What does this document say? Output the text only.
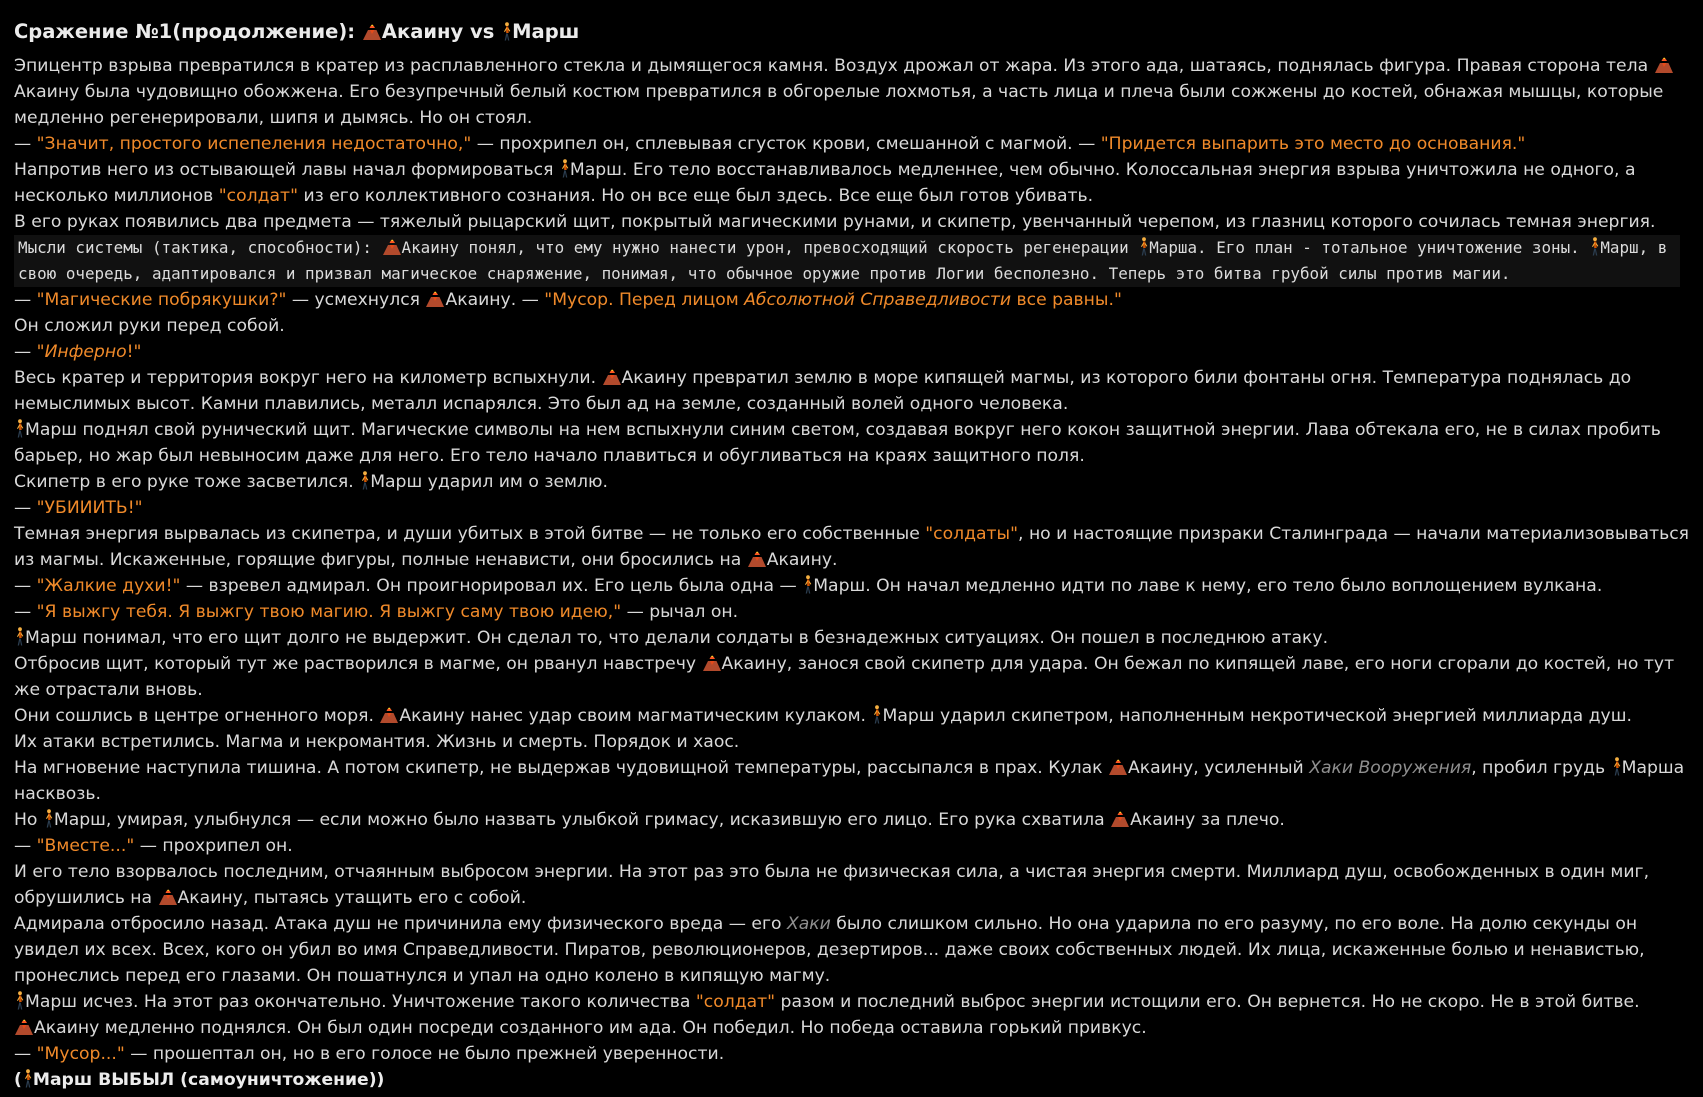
Сражение №1(продолжение):
Акаину vs
Марш

Эпицентр взрыва превратился в кратер из расплавленного стекла и дымящегося камня. Воздух дрожал от жара. Из этого ада, шатаясь, поднялась фигура. Правая сторона тела
Акаину была чудовищно обожжена. Его безупречный белый костюм превратился в обгорелые лохмотья, а часть лица и плеча были сожжены до костей, обнажая мышцы, которые медленно регенерировали, шипя и дымясь. Но он стоял.

— "Значит, простого испепеления недостаточно," — прохрипел он, сплевывая сгусток крови, смешанной с магмой. — "Придется выпарить это место до основания."

Напротив него из остывающей лавы начал формироваться
Марш. Его тело восстанавливалось медленнее, чем обычно. Колоссальная энергия взрыва уничтожила не одного, а несколько миллионов "солдат" из его коллективного сознания. Но он все еще был здесь. Все еще был готов убивать.

В его руках появились два предмета — тяжелый рыцарский щит, покрытый магическими рунами, и скипетр, увенчанный черепом, из глазниц которого сочилась темная энергия.

Мысли системы (тактика, способности):
Акаину понял, что ему нужно нанести урон, превосходящий скорость регенерации
Марша. Его план - тотальное уничтожение зоны.
Марш, в свою очередь, адаптировался и призвал магическое снаряжение, понимая, что обычное оружие против Логии бесполезно. Теперь это битва грубой силы против магии.

— "Магические побрякушки?" — усмехнулся
Акаину. — "Мусор. Перед лицом Абсолютной Справедливости все равны."

Он сложил руки перед собой.

— "Инферно!"

Весь кратер и территория вокруг него на километр вспыхнули.
Акаину превратил землю в море кипящей магмы, из которого били фонтаны огня. Температура поднялась до немыслимых высот. Камни плавились, металл испарялся. Это был ад на земле, созданный волей одного человека.

Марш поднял свой рунический щит. Магические символы на нем вспыхнули синим светом, создавая вокруг него кокон защитной энергии. Лава обтекала его, не в силах пробить барьер, но жар был невыносим даже для него. Его тело начало плавиться и обугливаться на краях защитного поля.

Скипетр в его руке тоже засветился.
Марш ударил им о землю.

— "УБИИИТЬ!"

Темная энергия вырвалась из скипетра, и души убитых в этой битве — не только его собственные "солдаты", но и настоящие призраки Сталинграда — начали материализовываться из магмы. Искаженные, горящие фигуры, полные ненависти, они бросились на
Акаину.

— "Жалкие духи!" — взревел адмирал. Он проигнорировал их. Его цель была одна —
Марш. Он начал медленно идти по лаве к нему, его тело было воплощением вулкана.

— "Я выжгу тебя. Я выжгу твою магию. Я выжгу саму твою идею," — рычал он.

Марш понимал, что его щит долго не выдержит. Он сделал то, что делали солдаты в безнадежных ситуациях. Он пошел в последнюю атаку.

Отбросив щит, который тут же растворился в магме, он рванул навстречу
Акаину, занося свой скипетр для удара. Он бежал по кипящей лаве, его ноги сгорали до костей, но тут же отрастали вновь.

Они сошлись в центре огненного моря.
Акаину нанес удар своим магматическим кулаком.
Марш ударил скипетром, наполненным некротической энергией миллиарда душ.

Их атаки встретились. Магма и некромантия. Жизнь и смерть. Порядок и хаос.

На мгновение наступила тишина. А потом скипетр, не выдержав чудовищной температуры, рассыпался в прах. Кулак
Акаину, усиленный Хаки Вооружения, пробил грудь
Марша насквозь.

Но
Марш, умирая, улыбнулся — если можно было назвать улыбкой гримасу, исказившую его лицо. Его рука схватила
Акаину за плечо.

— "Вместе..." — прохрипел он.

И его тело взорвалось последним, отчаянным выбросом энергии. На этот раз это была не физическая сила, а чистая энергия смерти. Миллиард душ, освобожденных в один миг, обрушились на
Акаину, пытаясь утащить его с собой.

Адмирала отбросило назад. Атака душ не причинила ему физического вреда — его Хаки было слишком сильно. Но она ударила по его разуму, по его воле. На долю секунды он увидел их всех. Всех, кого он убил во имя Справедливости. Пиратов, революционеров, дезертиров... даже своих собственных людей. Их лица, искаженные болью и ненавистью, пронеслись перед его глазами. Он пошатнулся и упал на одно колено в кипящую магму.

Марш исчез. На этот раз окончательно. Уничтожение такого количества "солдат" разом и последний выброс энергии истощили его. Он вернется. Но не скоро. Не в этой битве.

Акаину медленно поднялся. Он был один посреди созданного им ада. Он победил. Но победа оставила горький привкус.

— "Мусор..." — прошептал он, но в его голосе не было прежней уверенности.

( Марш ВЫБЫЛ (самоуничтожение))
